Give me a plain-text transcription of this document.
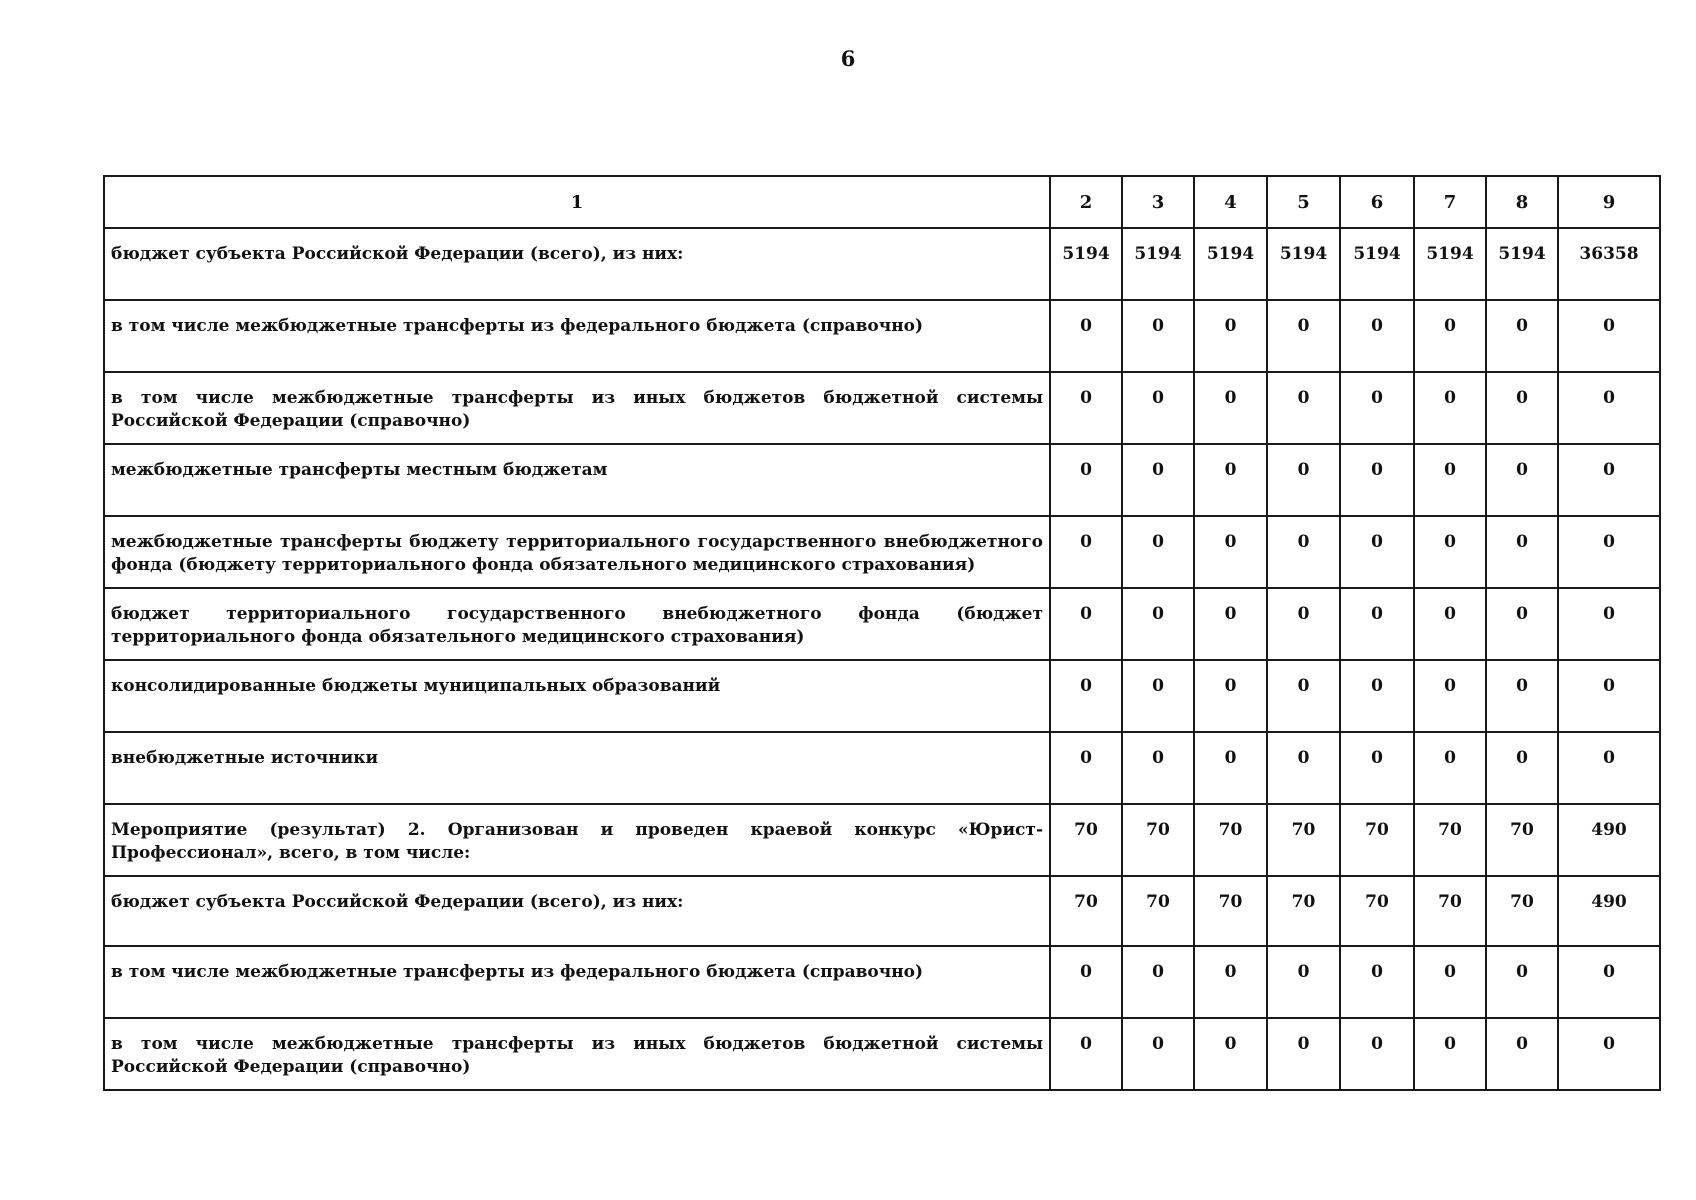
6
1	2	3	4	5	6	7	8	9
бюджет субъекта Российской Федерации (всего), из них:	5194	5194	5194	5194	5194	5194	5194	36358
в том числе межбюджетные трансферты из федерального бюджета (справочно)	0	0	0	0	0	0	0	0
в том числе межбюджетные трансферты из иных бюджетов бюджетной системы Российской Федерации (справочно)	0	0	0	0	0	0	0	0
межбюджетные трансферты местным бюджетам	0	0	0	0	0	0	0	0
межбюджетные трансферты бюджету территориального государственного внебюджетного фонда (бюджету территориального фонда обязательного медицинского страхования)	0	0	0	0	0	0	0	0
бюджет территориального государственного внебюджетного фонда (бюджет территориального фонда обязательного медицинского страхования)	0	0	0	0	0	0	0	0
консолидированные бюджеты муниципальных образований	0	0	0	0	0	0	0	0
внебюджетные источники	0	0	0	0	0	0	0	0
Мероприятие (результат) 2. Организован и проведен краевой конкурс «Юрист-Профессионал», всего, в том числе:	70	70	70	70	70	70	70	490
бюджет субъекта Российской Федерации (всего), из них:	70	70	70	70	70	70	70	490
в том числе межбюджетные трансферты из федерального бюджета (справочно)	0	0	0	0	0	0	0	0
в том числе межбюджетные трансферты из иных бюджетов бюджетной системы Российской Федерации (справочно)	0	0	0	0	0	0	0	0
